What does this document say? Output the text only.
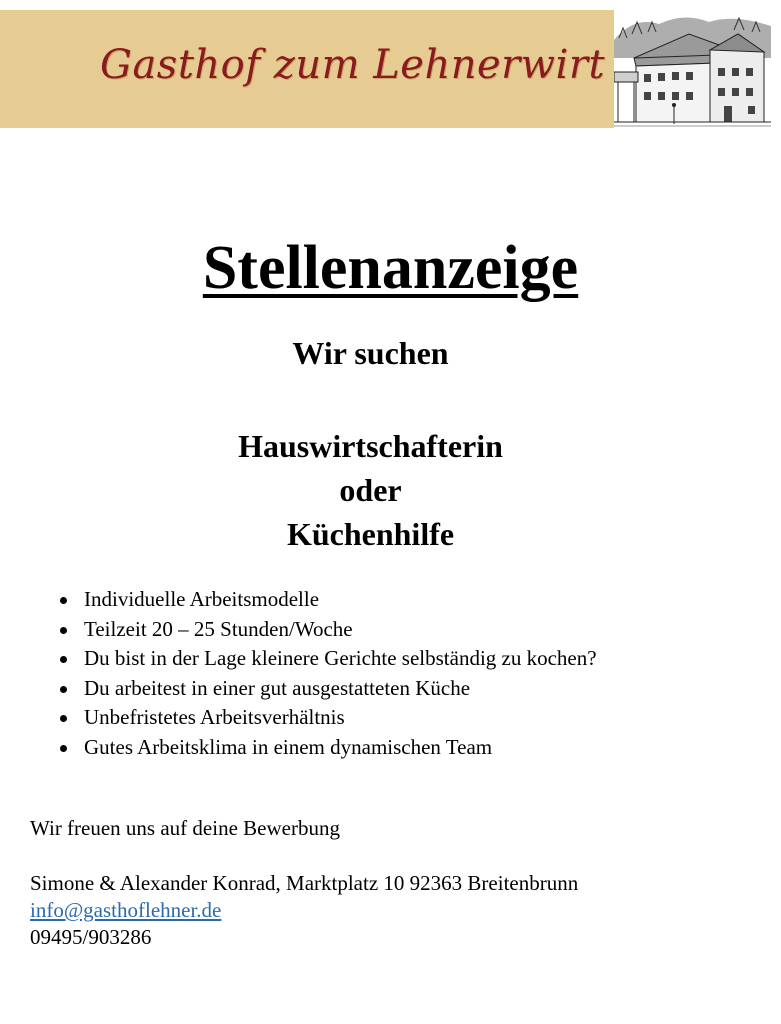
Gasthof zum Lehnerwirt
Stellenanzeige
Wir suchen
Hauswirtschafterin
oder
Küchenhilfe
Individuelle Arbeitsmodelle
Teilzeit 20 – 25 Stunden/Woche
Du bist in der Lage kleinere Gerichte selbständig zu kochen?
Du arbeitest in einer gut ausgestatteten Küche
Unbefristetes Arbeitsverhältnis
Gutes Arbeitsklima in einem dynamischen Team
Wir freuen uns auf deine Bewerbung
Simone & Alexander Konrad, Marktplatz 10 92363 Breitenbrunn
info@gasthoflehner.de
09495/903286
